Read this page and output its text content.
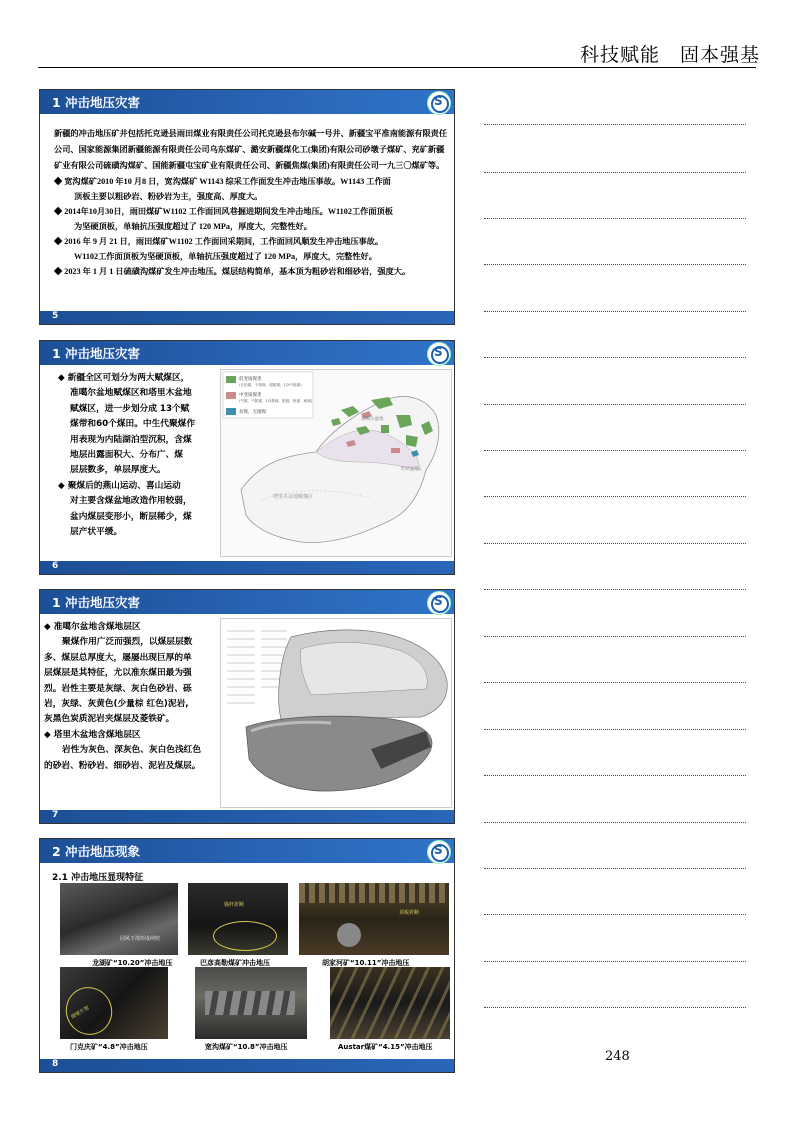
科技赋能　固本强基
1 冲击地压灾害
S

新疆的冲击地压矿井包括托克逊县雨田煤业有限责任公司托克逊县布尔碱一号井、新疆宝平准南能源有限责任公司、国家能源集团新疆能源有限责任公司乌东煤矿、潞安新疆煤化工(集团)有限公司砂墩子煤矿、兖矿新疆矿业有限公司硫磺沟煤矿、国能新疆屯宝矿业有限责任公司、新疆焦煤(集团)有限责任公司一九三〇煤矿等。

◆ 宽沟煤矿2010 年10 月8 日，宽沟煤矿 W1143 综采工作面发生冲击地压事故。W1143 工作面
顶板主要以粗砂岩、粉砂岩为主，强度高、厚度大。

◆ 2014年10月30日，雨田煤矿W1102 工作面回风巷掘进期间发生冲击地压。W1102工作面顶板
为坚硬顶板，单轴抗压强度超过了 120 MPa，厚度大，完整性好。

◆ 2016 年 9 月 21 日，雨田煤矿W1102 工作面回采期间，工作面回风顺发生冲击地压事故。
W1102工作面顶板为坚硬顶板，单轴抗压强度超过了 120 MPa，厚度大，完整性好。

◆ 2023 年 1 月 1 日硫磺沟煤矿发生冲击地压。煤层结构简单，基本顶为粗砂岩和细砂岩，强度大。

5
1 冲击地压灾害
S

◆ 新疆全区可划分为两大赋煤区，

准噶尔盆地赋煤区和塔里木盆地

赋煤区，进一步划分成 13个赋

煤带和60个煤田。中生代聚煤作

用表现为内陆湖泊型沉积，含煤

地层出露面积大、分布广、煤

层层数多，单层厚度大。

◆ 聚煤后的燕山运动、喜山运动

对主要含煤盆地改造作用较弱，

盆内煤层变形小，断层稀少，煤

层产状平缓。

低变质煤类
(长焰煤、不黏煤、弱黏煤、1/2中黏煤)
中变质煤类
(气煤、气肥煤、1/3焦煤、肥煤、焦煤、瘦煤)
贫煤、无烟煤
塔里木盆地赋煤区
准噶尔盆地
吐哈盆地
6
1 冲击地压灾害
S

◆ 准噶尔盆地含煤地层区

聚煤作用广泛而强烈，以煤层层数

多、煤层总厚度大，屡屡出现巨厚的单

层煤层是其特征，尤以准东煤田最为强

烈。岩性主要是灰绿、灰白色砂岩、砾

岩，灰绿、灰黄色(少量棕 红色)泥岩,

灰黑色炭质泥岩夹煤层及菱铁矿。

◆ 塔里木盆地含煤地层区

岩性为灰色、深灰色、灰白色浅红色

的砂岩、粉砂岩、细砂岩、泥岩及煤层。

7
2 冲击地压现象
S
2.1 冲击地压显现特征
回风下部形成网兜
锚杆折断
顶板折断
龙湖矿“10.20”冲击地压	巴彦高勒煤矿冲击地压	胡家河矿“10.11”冲击地压
煤壁片帮
门克庆矿“4.8”冲击地压	宽沟煤矿“10.8”冲击地压	Austar煤矿“4.15”冲击地压
8	248
